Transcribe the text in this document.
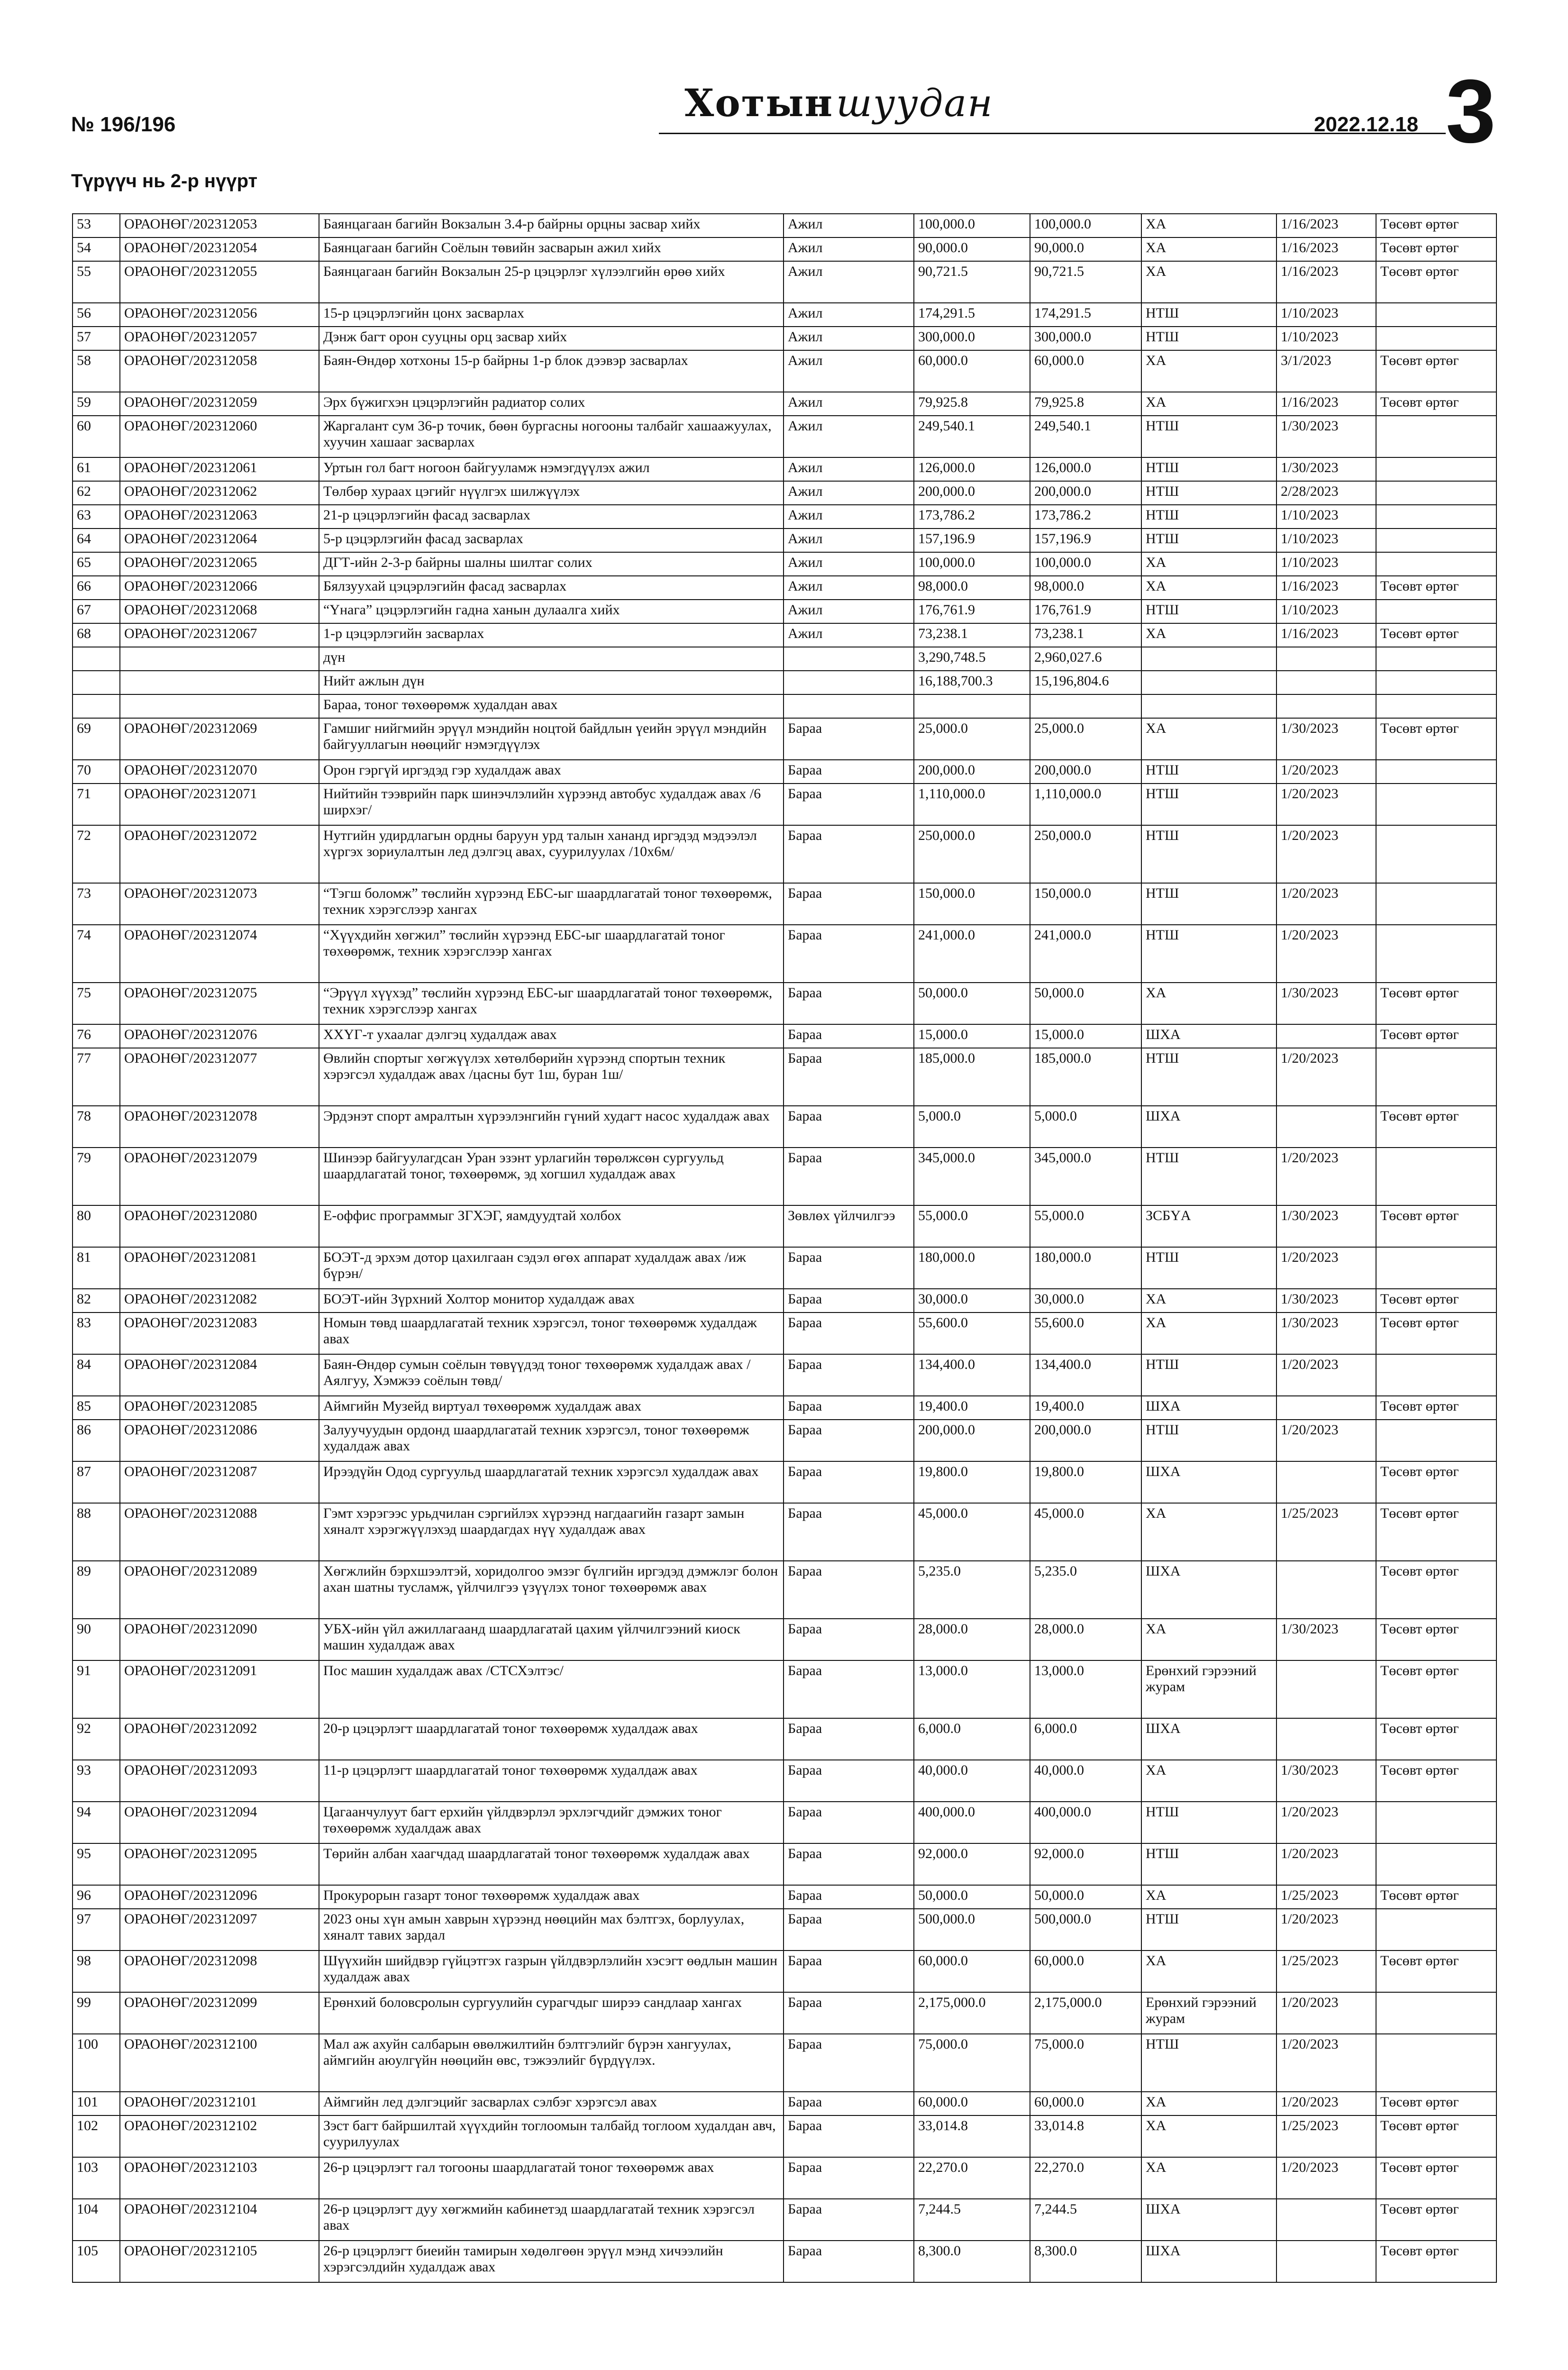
№ 196/196	Хотыншуудан	2022.12.18 3
Түрүүч нь 2-р нүүрт
53	ОРАОНӨГ/202312053	Баянцагаан багийн Вокзалын 3.4-р байрны орцны засвар хийх	Ажил	100,000.0	100,000.0	ХА	1/16/2023	Төсөвт өртөг
54	ОРАОНӨГ/202312054	Баянцагаан багийн Соёлын төвийн засварын ажил хийх	Ажил	90,000.0	90,000.0	ХА	1/16/2023	Төсөвт өртөг
55	ОРАОНӨГ/202312055	Баянцагаан багийн Вокзалын 25-р цэцэрлэг хүлээлгийн өрөө хийх	Ажил	90,721.5	90,721.5	ХА	1/16/2023	Төсөвт өртөг
56	ОРАОНӨГ/202312056	15-р цэцэрлэгийн цонх засварлах	Ажил	174,291.5	174,291.5	НТШ	1/10/2023	
57	ОРАОНӨГ/202312057	Дэнж багт орон сууцны орц засвар хийх	Ажил	300,000.0	300,000.0	НТШ	1/10/2023	
58	ОРАОНӨГ/202312058	Баян-Өндөр хотхоны 15-р байрны 1-р блок дээвэр засварлах	Ажил	60,000.0	60,000.0	ХА	3/1/2023	Төсөвт өртөг
59	ОРАОНӨГ/202312059	Эрх бүжигхэн цэцэрлэгийн радиатор солих	Ажил	79,925.8	79,925.8	ХА	1/16/2023	Төсөвт өртөг
60	ОРАОНӨГ/202312060	Жаргалант сум 36-р точик, бөөн бургасны ногооны талбайг хашаажуулах, хуучин хашааг засварлах	Ажил	249,540.1	249,540.1	НТШ	1/30/2023	
61	ОРАОНӨГ/202312061	Уртын гол багт ногоон байгууламж нэмэгдүүлэх ажил	Ажил	126,000.0	126,000.0	НТШ	1/30/2023	
62	ОРАОНӨГ/202312062	Төлбөр хураах цэгийг нүүлгэх шилжүүлэх	Ажил	200,000.0	200,000.0	НТШ	2/28/2023	
63	ОРАОНӨГ/202312063	21-р цэцэрлэгийн фасад засварлах	Ажил	173,786.2	173,786.2	НТШ	1/10/2023	
64	ОРАОНӨГ/202312064	5-р цэцэрлэгийн фасад засварлах	Ажил	157,196.9	157,196.9	НТШ	1/10/2023	
65	ОРАОНӨГ/202312065	ДГТ-ийн 2-3-р байрны шалны шилтаг солих	Ажил	100,000.0	100,000.0	ХА	1/10/2023	
66	ОРАОНӨГ/202312066	Бялзуухай цэцэрлэгийн фасад засварлах	Ажил	98,000.0	98,000.0	ХА	1/16/2023	Төсөвт өртөг
67	ОРАОНӨГ/202312068	“Үнага” цэцэрлэгийн гадна ханын дулаалга хийх	Ажил	176,761.9	176,761.9	НТШ	1/10/2023	
68	ОРАОНӨГ/202312067	1-р цэцэрлэгийн засварлах	Ажил	73,238.1	73,238.1	ХА	1/16/2023	Төсөвт өртөг
		дүн		3,290,748.5	2,960,027.6			
		Нийт ажлын дүн		16,188,700.3	15,196,804.6			
		Бараа, тоног төхөөрөмж худалдан авах						
69	ОРАОНӨГ/202312069	Гамшиг нийгмийн эрүүл мэндийн ноцтой байдлын үеийн эрүүл мэндийн байгууллагын нөөцийг нэмэгдүүлэх	Бараа	25,000.0	25,000.0	ХА	1/30/2023	Төсөвт өртөг
70	ОРАОНӨГ/202312070	Орон гэргүй иргэдэд гэр худалдаж авах	Бараа	200,000.0	200,000.0	НТШ	1/20/2023	
71	ОРАОНӨГ/202312071	Нийтийн тээврийн парк шинэчлэлийн хүрээнд автобус худалдаж авах /6 ширхэг/	Бараа	1,110,000.0	1,110,000.0	НТШ	1/20/2023	
72	ОРАОНӨГ/202312072	Нутгийн удирдлагын ордны баруун урд талын хананд иргэдэд мэдээлэл хүргэх зориулалтын лед дэлгэц авах, суурилуулах /10х6м/	Бараа	250,000.0	250,000.0	НТШ	1/20/2023	
73	ОРАОНӨГ/202312073	“Тэгш боломж” төслийн хүрээнд ЕБС-ыг шаардлагатай тоног төхөөрөмж, техник хэрэгслээр хангах	Бараа	150,000.0	150,000.0	НТШ	1/20/2023	
74	ОРАОНӨГ/202312074	“Хүүхдийн хөгжил” төслийн хүрээнд ЕБС-ыг шаардлагатай тоног төхөөрөмж, техник хэрэгслээр хангах	Бараа	241,000.0	241,000.0	НТШ	1/20/2023	
75	ОРАОНӨГ/202312075	“Эрүүл хүүхэд” төслийн хүрээнд ЕБС-ыг шаардлагатай тоног төхөөрөмж, техник хэрэгслээр хангах	Бараа	50,000.0	50,000.0	ХА	1/30/2023	Төсөвт өртөг
76	ОРАОНӨГ/202312076	ХХҮГ-т ухаалаг дэлгэц худалдаж авах	Бараа	15,000.0	15,000.0	ШХА		Төсөвт өртөг
77	ОРАОНӨГ/202312077	Өвлийн спортыг хөгжүүлэх хөтөлбөрийн хүрээнд спортын техник хэрэгсэл худалдаж авах /цасны бут 1ш, буран 1ш/	Бараа	185,000.0	185,000.0	НТШ	1/20/2023	
78	ОРАОНӨГ/202312078	Эрдэнэт спорт амралтын хүрээлэнгийн гүний худагт насос худалдаж авах	Бараа	5,000.0	5,000.0	ШХА		Төсөвт өртөг
79	ОРАОНӨГ/202312079	Шинээр байгуулагдсан Уран эзэнт урлагийн төрөлжсөн сургуульд шаардлагатай тоног, төхөөрөмж, эд хогшил худалдаж авах	Бараа	345,000.0	345,000.0	НТШ	1/20/2023	
80	ОРАОНӨГ/202312080	Е-оффис программыг ЗГХЭГ, яамдуудтай холбох	Зөвлөх үйлчилгээ	55,000.0	55,000.0	ЗСБҮА	1/30/2023	Төсөвт өртөг
81	ОРАОНӨГ/202312081	БОЭТ-д эрхэм дотор цахилгаан сэдэл өгөх аппарат худалдаж авах /иж бүрэн/	Бараа	180,000.0	180,000.0	НТШ	1/20/2023	
82	ОРАОНӨГ/202312082	БОЭТ-ийн Зүрхний Холтор монитор худалдаж авах	Бараа	30,000.0	30,000.0	ХА	1/30/2023	Төсөвт өртөг
83	ОРАОНӨГ/202312083	Номын төвд шаардлагатай техник хэрэгсэл, тоног төхөөрөмж худалдаж авах	Бараа	55,600.0	55,600.0	ХА	1/30/2023	Төсөвт өртөг
84	ОРАОНӨГ/202312084	Баян-Өндөр сумын соёлын төвүүдэд тоног төхөөрөмж худалдаж авах /Аялгуу, Хэмжээ соёлын төвд/	Бараа	134,400.0	134,400.0	НТШ	1/20/2023	
85	ОРАОНӨГ/202312085	Аймгийн Музейд виртуал төхөөрөмж худалдаж авах	Бараа	19,400.0	19,400.0	ШХА		Төсөвт өртөг
86	ОРАОНӨГ/202312086	Залуучуудын ордонд шаардлагатай техник хэрэгсэл, тоног төхөөрөмж худалдаж авах	Бараа	200,000.0	200,000.0	НТШ	1/20/2023	
87	ОРАОНӨГ/202312087	Ирээдүйн Одод сургуульд шаардлагатай техник хэрэгсэл худалдаж авах	Бараа	19,800.0	19,800.0	ШХА		Төсөвт өртөг
88	ОРАОНӨГ/202312088	Гэмт хэрэгээс урьдчилан сэргийлэх хүрээнд нагдаагийн газарт замын хяналт хэрэгжүүлэхэд шаардагдах нүү худалдаж авах	Бараа	45,000.0	45,000.0	ХА	1/25/2023	Төсөвт өртөг
89	ОРАОНӨГ/202312089	Хөгжлийн бэрхшээлтэй, хоридолгоо эмзэг бүлгийн иргэдэд дэмжлэг болон ахан шатны тусламж, үйлчилгээ үзүүлэх тоног төхөөрөмж авах	Бараа	5,235.0	5,235.0	ШХА		Төсөвт өртөг
90	ОРАОНӨГ/202312090	УБХ-ийн үйл ажиллагаанд шаардлагатай цахим үйлчилгээний киоск машин худалдаж авах	Бараа	28,000.0	28,000.0	ХА	1/30/2023	Төсөвт өртөг
91	ОРАОНӨГ/202312091	Пос машин худалдаж авах /СТСХэлтэс/	Бараа	13,000.0	13,000.0	Ерөнхий гэрээний журам		Төсөвт өртөг
92	ОРАОНӨГ/202312092	20-р цэцэрлэгт шаардлагатай тоног төхөөрөмж худалдаж авах	Бараа	6,000.0	6,000.0	ШХА		Төсөвт өртөг
93	ОРАОНӨГ/202312093	11-р цэцэрлэгт шаардлагатай тоног төхөөрөмж худалдаж авах	Бараа	40,000.0	40,000.0	ХА	1/30/2023	Төсөвт өртөг
94	ОРАОНӨГ/202312094	Цагаанчулуут багт ерхийн үйлдвэрлэл эрхлэгчдийг дэмжих тоног төхөөрөмж худалдаж авах	Бараа	400,000.0	400,000.0	НТШ	1/20/2023	
95	ОРАОНӨГ/202312095	Төрийн албан хаагчдад шаардлагатай тоног төхөөрөмж худалдаж авах	Бараа	92,000.0	92,000.0	НТШ	1/20/2023	
96	ОРАОНӨГ/202312096	Прокурорын газарт тоног төхөөрөмж худалдаж авах	Бараа	50,000.0	50,000.0	ХА	1/25/2023	Төсөвт өртөг
97	ОРАОНӨГ/202312097	2023 оны хүн амын хаврын хүрээнд нөөцийн мах бэлтгэх, борлуулах, хяналт тавих зардал	Бараа	500,000.0	500,000.0	НТШ	1/20/2023	
98	ОРАОНӨГ/202312098	Шүүхийн шийдвэр гүйцэтгэх газрын үйлдвэрлэлийн хэсэгт өөдлын машин худалдаж авах	Бараа	60,000.0	60,000.0	ХА	1/25/2023	Төсөвт өртөг
99	ОРАОНӨГ/202312099	Ерөнхий боловсролын сургуулийн сурагчдыг ширээ сандлаар хангах	Бараа	2,175,000.0	2,175,000.0	Ерөнхий гэрээний журам	1/20/2023	
100	ОРАОНӨГ/202312100	Мал аж ахуйн салбарын өвөлжилтийн бэлтгэлийг бүрэн хангуулах, аймгийн аюулгүйн нөөцийн өвс, тэжээлийг бүрдүүлэх.	Бараа	75,000.0	75,000.0	НТШ	1/20/2023	
101	ОРАОНӨГ/202312101	Аймгийн лед дэлгэцийг засварлах сэлбэг хэрэгсэл авах	Бараа	60,000.0	60,000.0	ХА	1/20/2023	Төсөвт өртөг
102	ОРАОНӨГ/202312102	Зэст багт байршилтай хүүхдийн тоглоомын талбайд тоглоом худалдан авч, суурилуулах	Бараа	33,014.8	33,014.8	ХА	1/25/2023	Төсөвт өртөг
103	ОРАОНӨГ/202312103	26-р цэцэрлэгт гал тогооны шаардлагатай тоног төхөөрөмж авах	Бараа	22,270.0	22,270.0	ХА	1/20/2023	Төсөвт өртөг
104	ОРАОНӨГ/202312104	26-р цэцэрлэгт дуу хөгжмийн кабинетэд шаардлагатай техник хэрэгсэл авах	Бараа	7,244.5	7,244.5	ШХА		Төсөвт өртөг
105	ОРАОНӨГ/202312105	26-р цэцэрлэгт биеийн тамирын хөдөлгөөн эрүүл мэнд хичээлийн хэрэгсэлдийн худалдаж авах	Бараа	8,300.0	8,300.0	ШХА		Төсөвт өртөг
